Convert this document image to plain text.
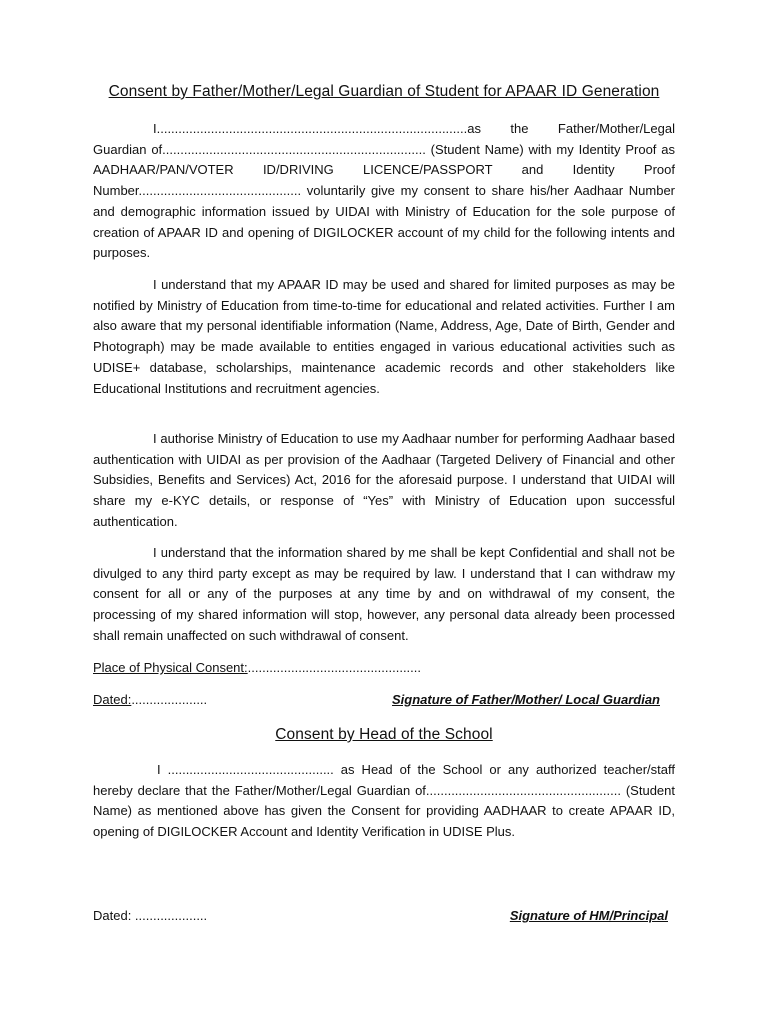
Consent by Father/Mother/Legal Guardian of Student for APAAR ID Generation
I......................................................................................as the Father/Mother/Legal Guardian of......................................................................... (Student Name) with my Identity Proof as AADHAAR/PAN/VOTER ID/DRIVING LICENCE/PASSPORT and Identity Proof Number............................................. voluntarily give my consent to share his/her Aadhaar Number and demographic information issued by UIDAI with Ministry of Education for the sole purpose of creation of APAAR ID and opening of DIGILOCKER account of my child for the following intents and purposes.
I understand that my APAAR ID may be used and shared for limited purposes as may be notified by Ministry of Education from time-to-time for educational and related activities. Further I am also aware that my personal identifiable information (Name, Address, Age, Date of Birth, Gender and Photograph) may be made available to entities engaged in various educational activities such as UDISE+ database, scholarships, maintenance academic records and other stakeholders like Educational Institutions and recruitment agencies.
I authorise Ministry of Education to use my Aadhaar number for performing Aadhaar based authentication with UIDAI as per provision of the Aadhaar (Targeted Delivery of Financial and other Subsidies, Benefits and Services) Act, 2016 for the aforesaid purpose. I understand that UIDAI will share my e-KYC details, or response of “Yes” with Ministry of Education upon successful authentication.
I understand that the information shared by me shall be kept Confidential and shall not be divulged to any third party except as may be required by law. I understand that I can withdraw my consent for all or any of the purposes at any time by and on withdrawal of my consent, the processing of my shared information will stop, however, any personal data already been processed shall remain unaffected on such withdrawal of consent.
Place of Physical Consent:................................................
Dated:.....................	Signature of Father/Mother/ Local Guardian
Consent by Head of the School
I .............................................. as Head of the School or any authorized teacher/staff hereby declare that the Father/Mother/Legal Guardian of...................................................... (Student Name) as mentioned above has given the Consent for providing AADHAAR to create APAAR ID, opening of DIGILOCKER Account and Identity Verification in UDISE Plus.
Dated: ....................	Signature of HM/Principal
